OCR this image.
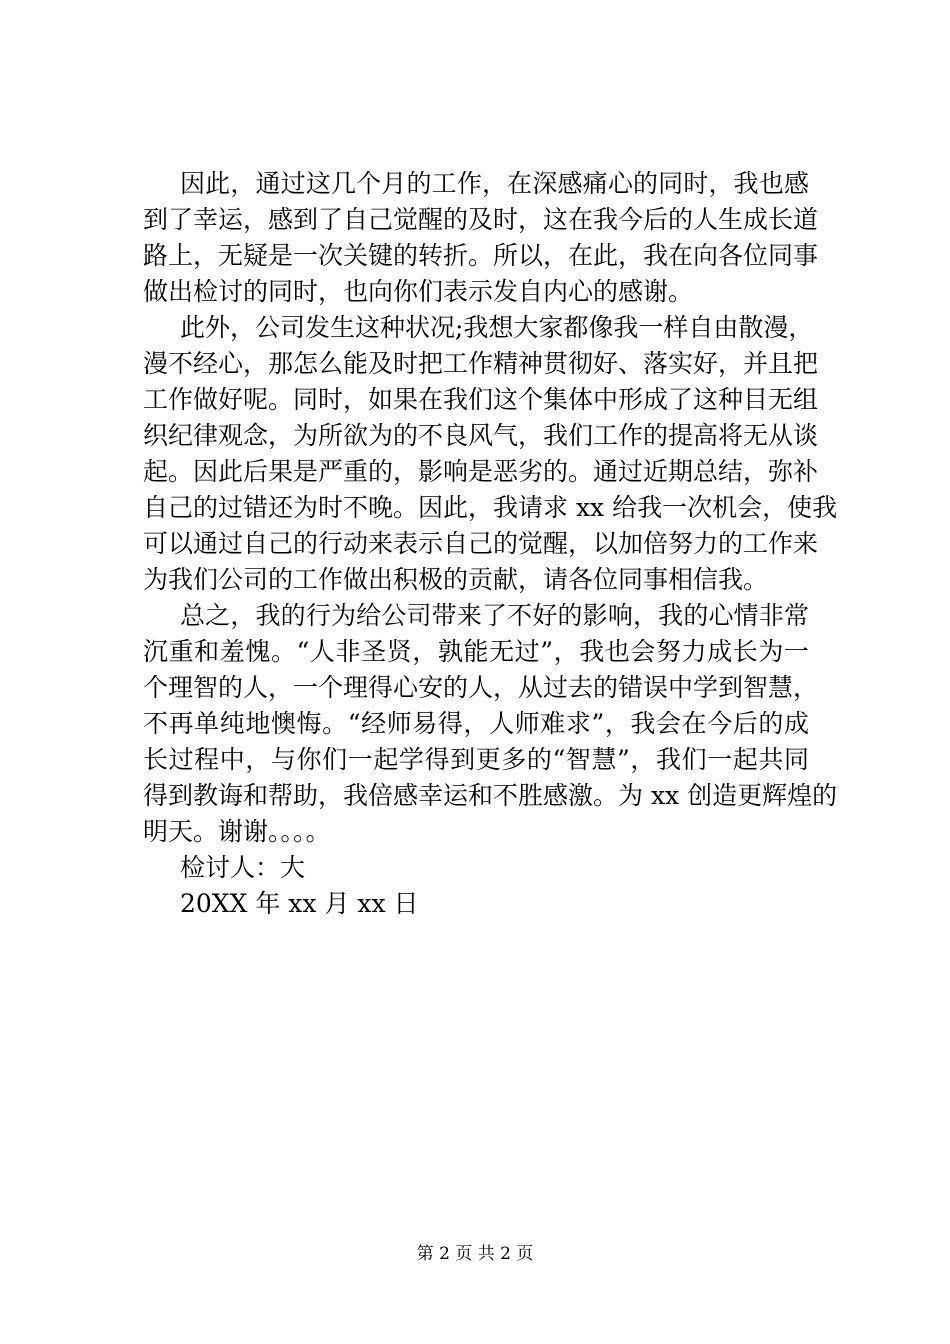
因此，通过这几个月的工作，在深感痛心的同时，我也感
到了幸运，感到了自己觉醒的及时，这在我今后的人生成长道
路上，无疑是一次关键的转折。所以，在此，我在向各位同事
做出检讨的同时，也向你们表示发自内心的感谢。
此外，公司发生这种状况;我想大家都像我一样自由散漫，
漫不经心，那怎么能及时把工作精神贯彻好、落实好，并且把
工作做好呢。同时，如果在我们这个集体中形成了这种目无组
织纪律观念，为所欲为的不良风气，我们工作的提高将无从谈
起。因此后果是严重的，影响是恶劣的。通过近期总结，弥补
自己的过错还为时不晚。因此，我请求 xx 给我一次机会，使我
可以通过自己的行动来表示自己的觉醒，以加倍努力的工作来
为我们公司的工作做出积极的贡献，请各位同事相信我。
总之，我的行为给公司带来了不好的影响，我的心情非常
沉重和羞愧。“人非圣贤，孰能无过”，我也会努力成长为一
个理智的人，一个理得心安的人，从过去的错误中学到智慧，
不再单纯地懊悔。“经师易得，人师难求”，我会在今后的成
长过程中，与你们一起学得到更多的“智慧”，我们一起共同
得到教诲和帮助，我倍感幸运和不胜感激。为 xx 创造更辉煌的
明天。谢谢。。。。
检讨人：大
20XX 年 xx 月 xx 日
第 2 页 共 2 页
